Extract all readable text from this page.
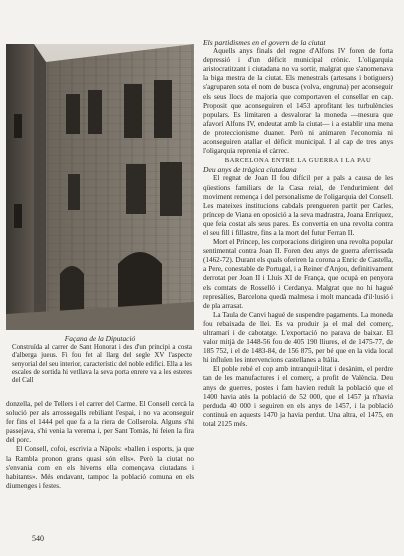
Façana de la Diputació
Construïda al carrer de Sant Honorat i des d'un principi a costa d'alberga jueus. Fi fou fet al llarg del segle XV l'aspecte senyorial del seu interior, característic del noble edifici. Ella a les escales de sortida hi vetllava la seva porta enrere va a les esteres del Call

donzella, pel de Tellers i el carrer del Carme. El Consell cercà la solució per als arrossegalls rebiliant l'espai, i no va aconseguir fer fins el 1444 pel que fa a la riera de Collserola. Alguns s'hi passejava, s'hi venia la verema i, per Sant Tomàs, hi feien la fira del porc.

El Consell, cofoi, escrivia a Nàpols: «ballen i esports, ja que la Rambla pronon grans quasi són ells». Però la ciutat no s'envania com en els hiverns ella començava ciutadans i habitants». Més endavant, tampoc la població comuna en els diumenges i festes.

Els partidismes en el govern de la ciutat

Aquells anys finals del regne d'Alfons IV foren de forta depressió i d'un dèficit municipal crònic. L'oligarquia aristocratitzant i ciutadana no va sortir, malgrat que s'anomenava la biga mestra de la ciutat. Els menestrals (artesans i botiguers) s'agruparen sota el nom de busca (volva, engruna) per aconseguir els seus llocs de majoria que comportaven el consellar en cap. Proposit que aconseguiren el 1453 aprofitant les turbulències populars. Es limitaren a desvalorar la moneda —mesura que afavorí Alfons IV, endeutat amb la ciutat— i a establir una mena de proteccionisme duaner. Però ni animaren l'economia ni aconseguiren atallar el dèficit municipal. I al cap de tres anys l'oligarquia reprenia el càrrec.

BARCELONA ENTRE LA GUERRA I LA PAU

Deu anys de tràgica ciutadana

El regnat de Joan II fou difícil per a pals a causa de les qüestions familiars de la Casa reial, de l'endurimient del moviment remença i del personalisme de l'oligarquia del Consell. Les mateixes institucions cabdals prengueren partit per Carles, príncep de Viana en oposició a la seva madrastra, Joana Enríquez, que feia costat als seus pares. Es convertia en una revolta contra el seu fill i fillastre, fins a la mort del futur Ferran II.

Mort el Príncep, les corporacions dirigiren una revolta popular sentimental contra Joan II. Foren deu anys de guerra aferrissada (1462-72). Durant els quals oferiren la corona a Enric de Castella, a Pere, conestable de Portugal, i a Reiner d'Anjou, definitivament derrotat per Joan II i Lluís XI de França, que ocupà en penyora els comtats de Rosselló i Cerdanya. Malgrat que no hi hagué represàlies, Barcelona quedà malmesa i molt mancada d'il·lusió i de pla arrasat.

La Taula de Canvi hagué de suspendre pagaments. La moneda fou rebaixada de llei. Es va produir ja el mal del comerç, ultramarí i de cabotatge. L'exportació no parava de baixar. El valor mitjà de 1448-56 fou de 405 190 lliures, el de 1475-77, de 185 752, i el de 1483-84, de 156 875, per bé que en la vida local hi influïen les intervencions castellanes a Itàlia.

El poble rebé el cop amb intranquil·litat i desànim, el perdre tan de les manufactures i el comerç, a profit de València. Deu anys de guerres, postes i fam havien reduït la població que el 1400 havia atès la població de 52 000, que el 1457 ja n'havia perduda 40 000 i seguiren en els anys de 1457, i la població continuà en aquests 1470 ja havia perdut. Una altra, el 1475, en total 2125 més.

540
